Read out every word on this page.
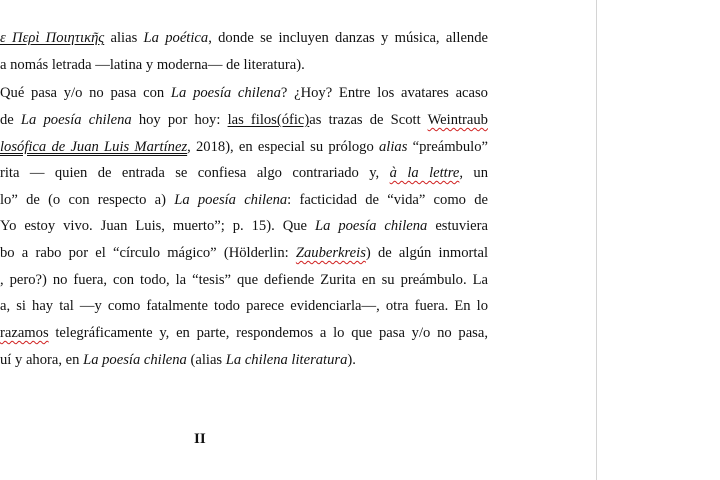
ε Περὶ Ποιητικῆς alias La poética, donde se incluyen danzas y música, allende
a nomás letrada —latina y moderna— de literatura).
Qué pasa y/o no pasa con La poesía chilena? ¿Hoy? Entre los avatares acaso
de La poesía chilena hoy por hoy: las filos(ófic)as trazas de Scott Weintraub
losófica de Juan Luis Martínez, 2018), en especial su prólogo alias “preámbulo”
rita — quien de entrada se confiesa algo contrariado y, à la lettre, un
lo” de (o con respecto a) La poesía chilena: facticidad de “vida” como de
Yo estoy vivo. Juan Luis, muerto”; p. 15). Que La poesía chilena estuviera
bo a rabo por el “círculo mágico” (Hölderlin: Zauberkreis) de algún inmortal
, pero?) no fuera, con todo, la “tesis” que defiende Zurita en su preámbulo. La
a, si hay tal —y como fatalmente todo parece evidenciarla—, otra fuera. En lo
razamos telegráficamente y, en parte, respondemos a lo que pasa y/o no pasa,
uí y ahora, en La poesía chilena (alias La chilena literatura).
II
